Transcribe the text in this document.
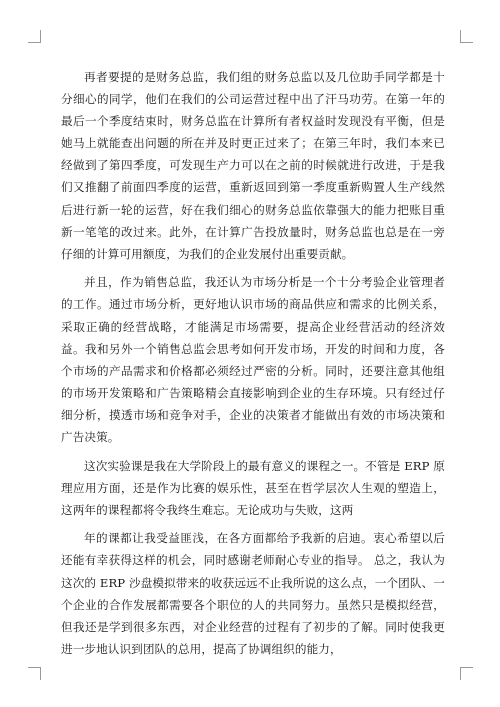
再者要提的是财务总监，我们组的财务总监以及几位助手同学都是十分细心的同学，他们在我们的公司运营过程中出了汗马功劳。在第一年的最后一个季度结束时，财务总监在计算所有者权益时发现没有平衡，但是她马上就能查出问题的所在并及时更正过来了；在第三年时，我们本来已经做到了第四季度，可发现生产力可以在之前的时候就进行改进，于是我们又推翻了前面四季度的运营，重新返回到第一季度重新购置人生产线然后进行新一轮的运营，好在我们细心的财务总监依靠强大的能力把账目重新一笔笔的改过来。此外，在计算广告投放量时，财务总监也总是在一旁仔细的计算可用额度，为我们的企业发展付出重要贡献。

并且，作为销售总监，我还认为市场分析是一个十分考验企业管理者的工作。通过市场分析，更好地认识市场的商品供应和需求的比例关系，采取正确的经营战略，才能满足市场需要，提高企业经营活动的经济效益。我和另外一个销售总监会思考如何开发市场，开发的时间和力度，各个市场的产品需求和价格都必须经过严密的分析。同时，还要注意其他组的市场开发策略和广告策略精会直接影响到企业的生存环境。只有经过仔细分析，摸透市场和竞争对手，企业的决策者才能做出有效的市场决策和广告决策。

这次实验课是我在大学阶段上的最有意义的课程之一。不管是 ERP 原理应用方面，还是作为比赛的娱乐性，甚至在哲学层次人生观的塑造上，这两年的课程都将令我终生难忘。无论成功与失败，这两

年的课都让我受益匪浅，在各方面都给予我新的启迪。衷心希望以后还能有幸获得这样的机会，同时感谢老师耐心专业的指导。 总之，我认为这次的 ERP 沙盘模拟带来的收获远远不止我所说的这么点，一个团队、一个企业的合作发展都需要各个职位的人的共同努力。虽然只是模拟经营，但我还是学到很多东西，对企业经营的过程有了初步的了解。同时使我更进一步地认识到团队的总用，提高了协调组织的能力，
